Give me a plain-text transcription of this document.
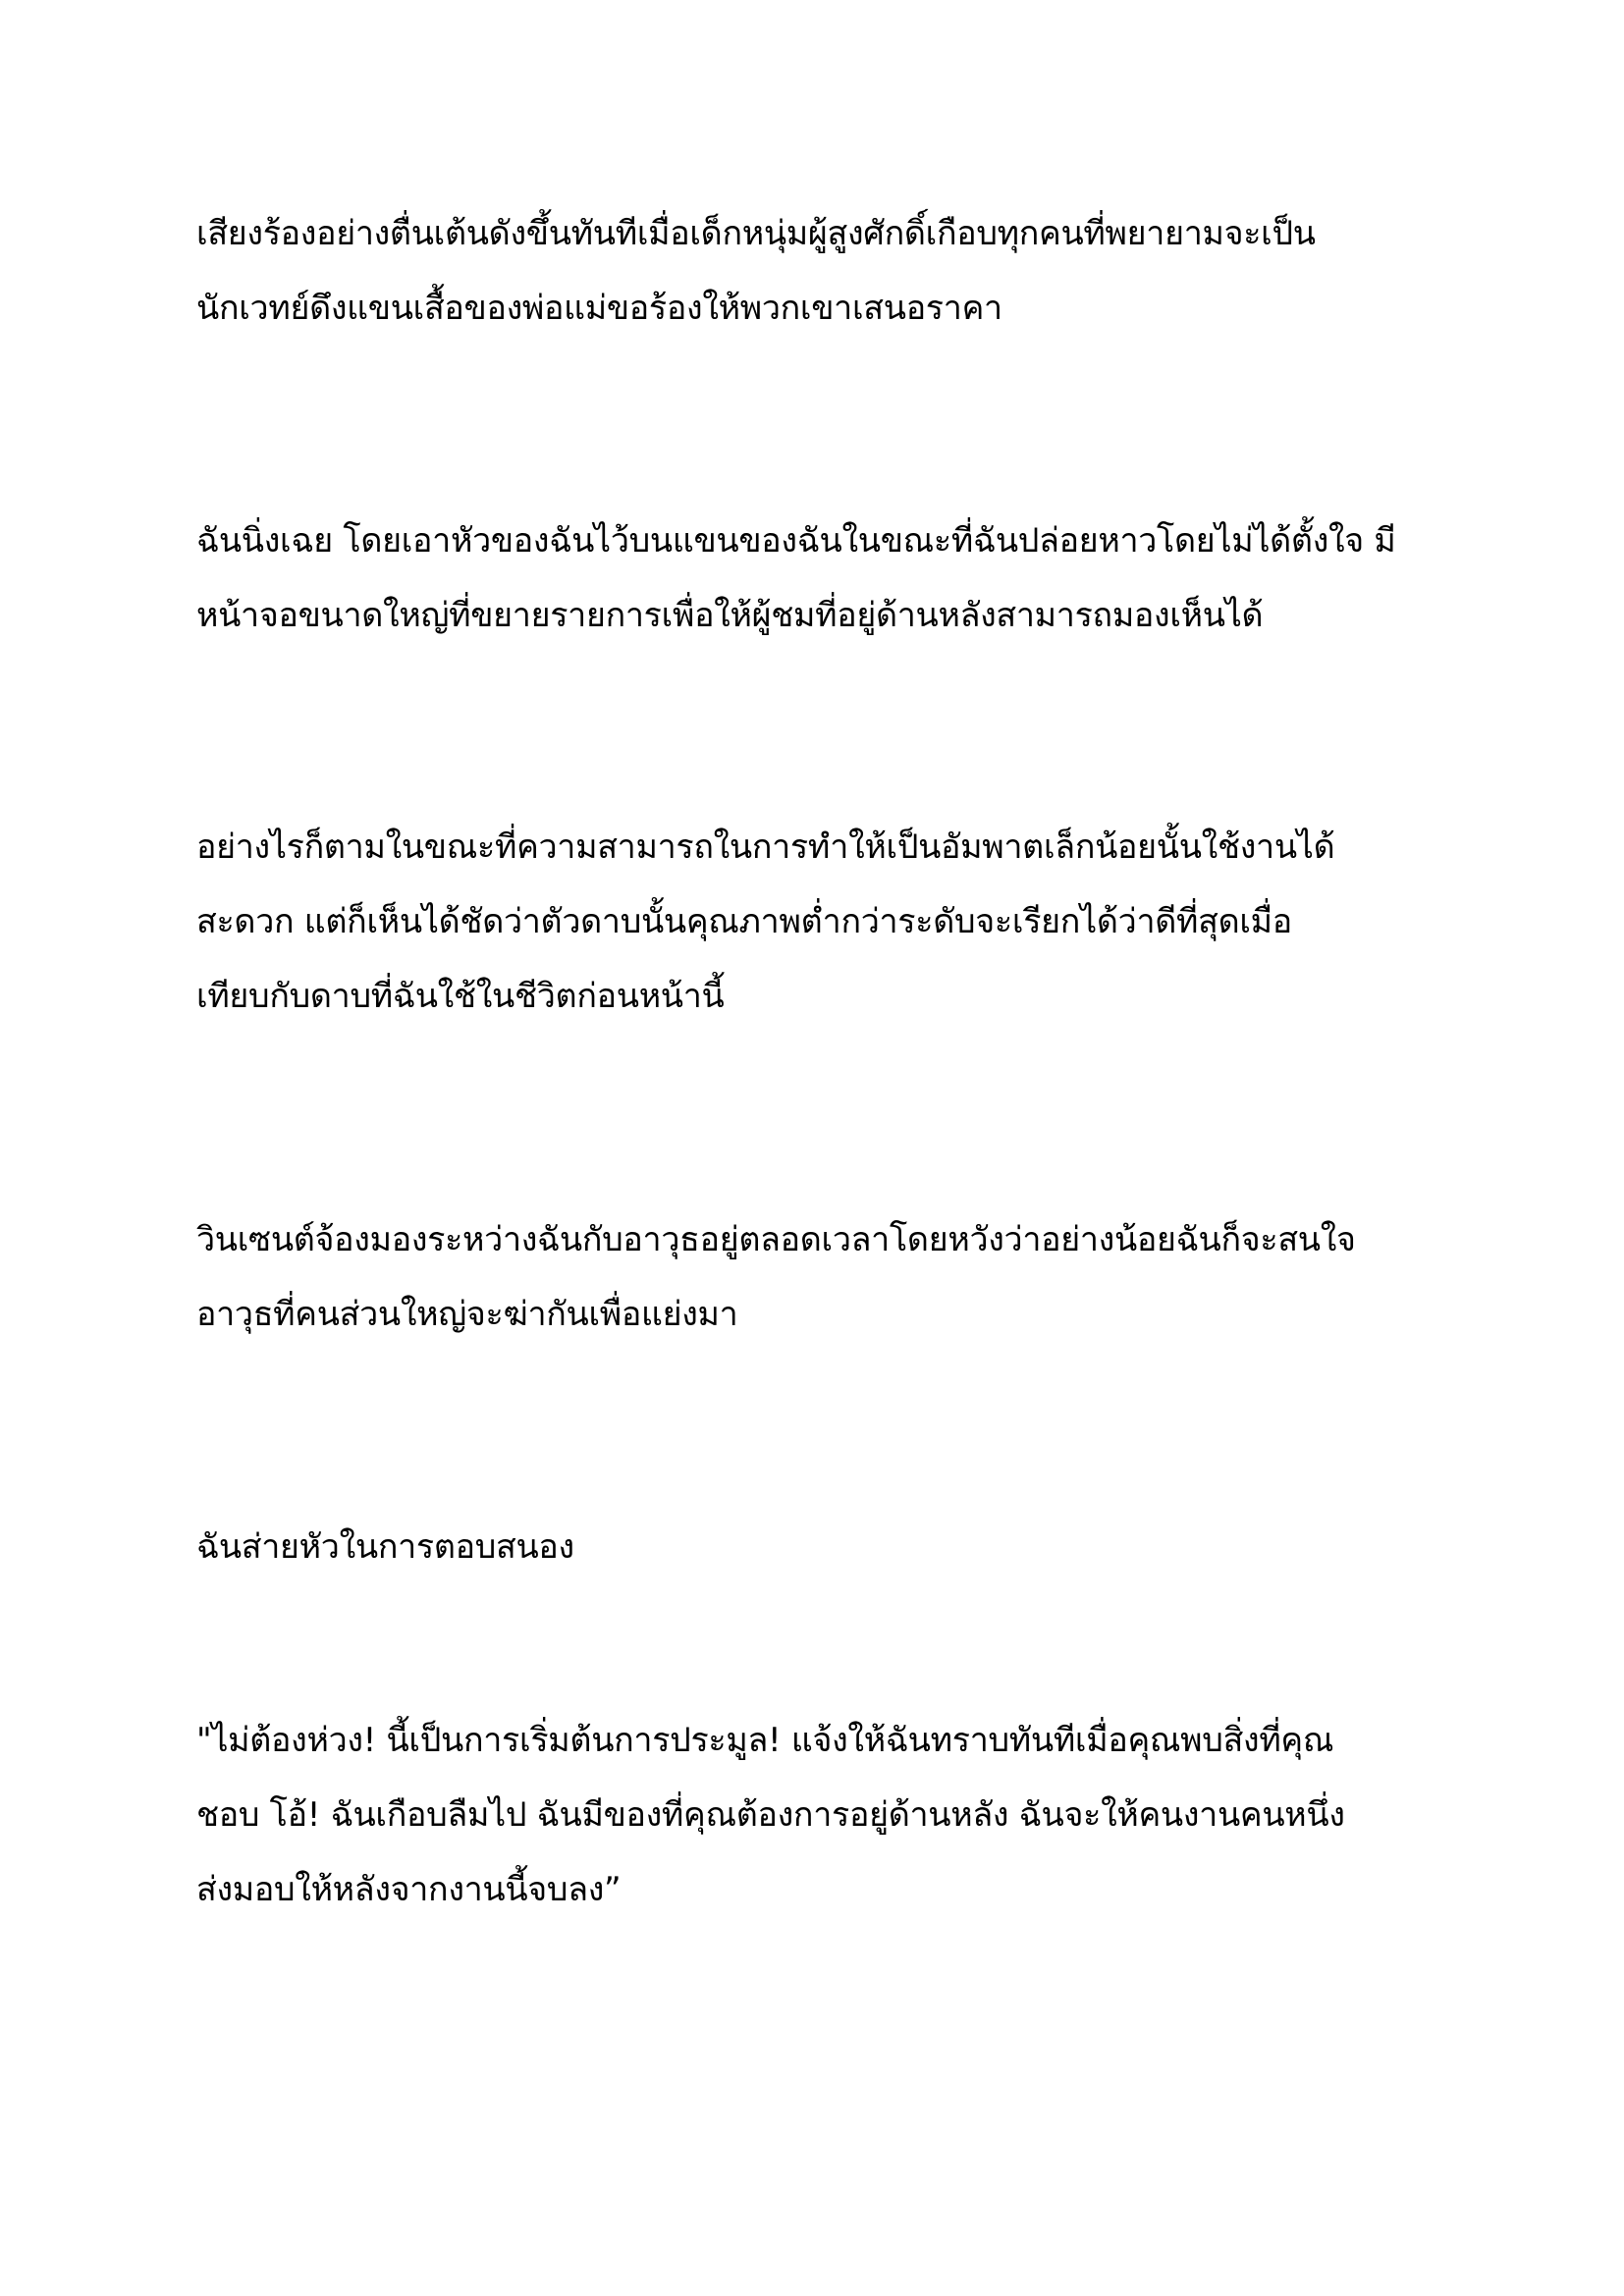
เสียงร้องอย่างตื่นเต้นดังขึ้นทันทีเมื่อเด็กหนุ่มผู้สูงศักดิ์เกือบทุกคนที่พยายามจะเป็น
นักเวทย์ดึงแขนเสื้อของพ่อแม่ขอร้องให้พวกเขาเสนอราคา
ฉันนิ่งเฉย โดยเอาหัวของฉันไว้บนแขนของฉันในขณะที่ฉันปล่อยหาวโดยไม่ได้ตั้งใจ มี
หน้าจอขนาดใหญ่ที่ขยายรายการเพื่อให้ผู้ชมที่อยู่ด้านหลังสามารถมองเห็นได้
อย่างไรก็ตามในขณะที่ความสามารถในการทำให้เป็นอัมพาตเล็กน้อยนั้นใช้งานได้
สะดวก แต่ก็เห็นได้ชัดว่าตัวดาบนั้นคุณภาพต่ำกว่าระดับจะเรียกได้ว่าดีที่สุดเมื่อ
เทียบกับดาบที่ฉันใช้ในชีวิตก่อนหน้านี้
วินเซนต์จ้องมองระหว่างฉันกับอาวุธอยู่ตลอดเวลาโดยหวังว่าอย่างน้อยฉันก็จะสนใจ
อาวุธที่คนส่วนใหญ่จะฆ่ากันเพื่อแย่งมา
ฉันส่ายหัวในการตอบสนอง
"ไม่ต้องห่วง! นี้เป็นการเริ่มต้นการประมูล! แจ้งให้ฉันทราบทันทีเมื่อคุณพบสิ่งที่คุณ
ชอบ โอ้! ฉันเกือบลืมไป ฉันมีของที่คุณต้องการอยู่ด้านหลัง ฉันจะให้คนงานคนหนึ่ง
ส่งมอบให้หลังจากงานนี้จบลง”
